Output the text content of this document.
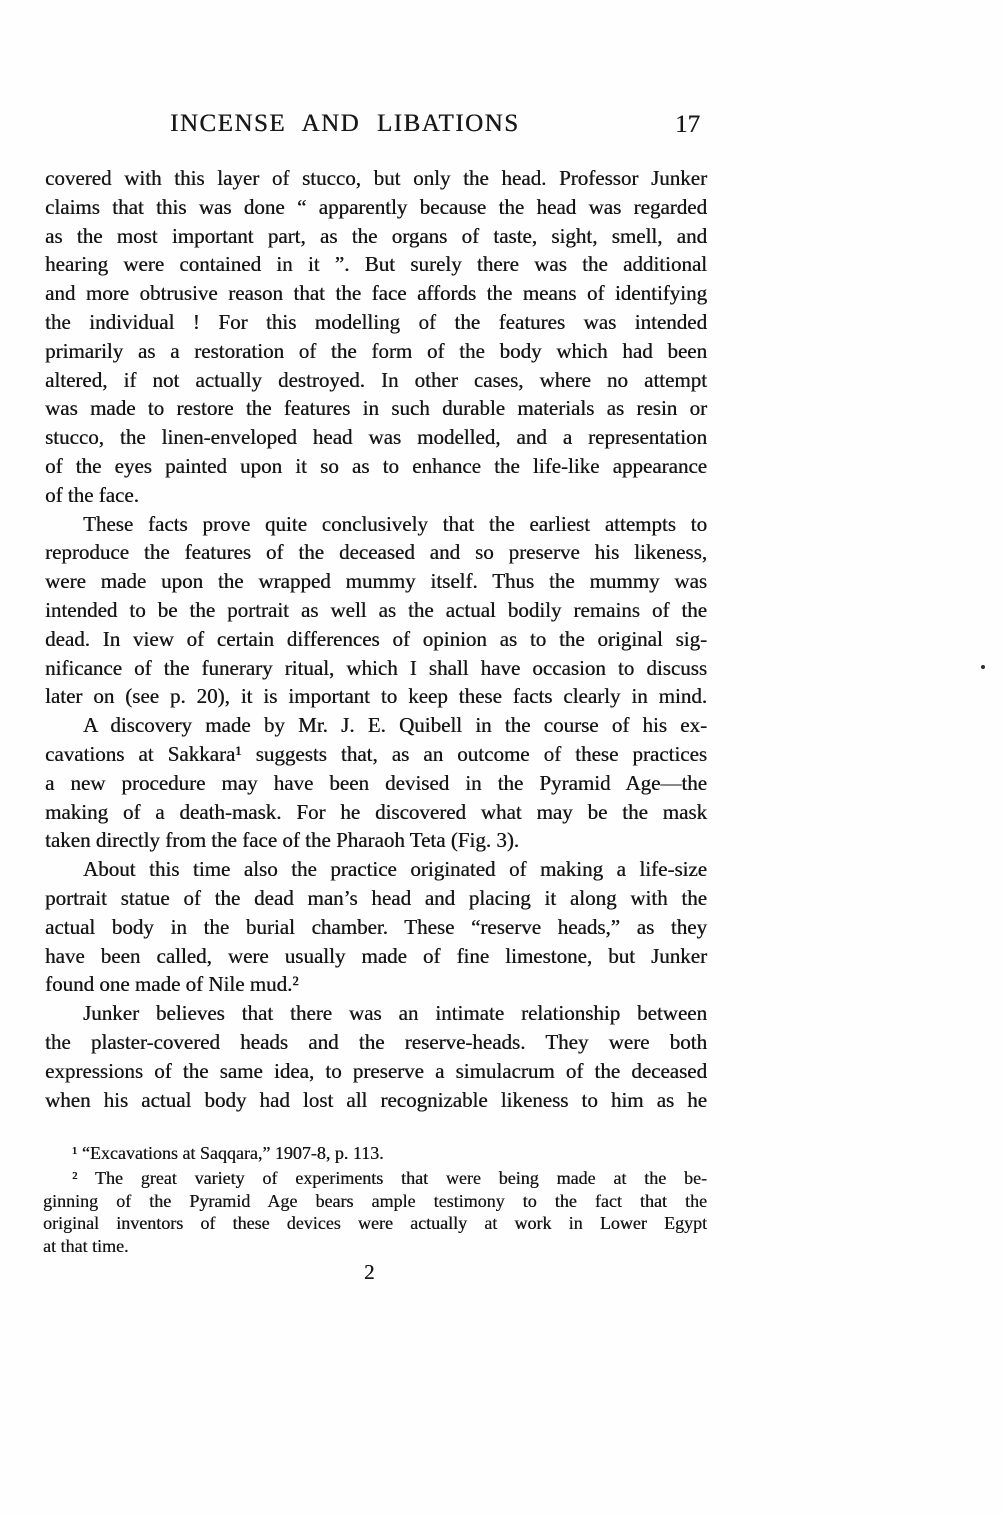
INCENSE AND LIBATIONS	17
covered with this layer of stucco, but only the head. Professor Junker
claims that this was done “ apparently because the head was regarded
as the most important part, as the organs of taste, sight, smell, and
hearing were contained in it ”. But surely there was the additional
and more obtrusive reason that the face affords the means of identifying
the individual ! For this modelling of the features was intended
primarily as a restoration of the form of the body which had been
altered, if not actually destroyed. In other cases, where no attempt
was made to restore the features in such durable materials as resin or
stucco, the linen-enveloped head was modelled, and a representation
of the eyes painted upon it so as to enhance the life-like appearance
of the face.
These facts prove quite conclusively that the earliest attempts to
reproduce the features of the deceased and so preserve his likeness,
were made upon the wrapped mummy itself. Thus the mummy was
intended to be the portrait as well as the actual bodily remains of the
dead. In view of certain differences of opinion as to the original sig-
nificance of the funerary ritual, which I shall have occasion to discuss
later on (see p. 20), it is important to keep these facts clearly in mind.
A discovery made by Mr. J. E. Quibell in the course of his ex-
cavations at Sakkara¹ suggests that, as an outcome of these practices
a new procedure may have been devised in the Pyramid Age—the
making of a death-mask. For he discovered what may be the mask
taken directly from the face of the Pharaoh Teta (Fig. 3).
About this time also the practice originated of making a life-size
portrait statue of the dead man’s head and placing it along with the
actual body in the burial chamber. These “reserve heads,” as they
have been called, were usually made of fine limestone, but Junker
found one made of Nile mud.²
Junker believes that there was an intimate relationship between
the plaster-covered heads and the reserve-heads. They were both
expressions of the same idea, to preserve a simulacrum of the deceased
when his actual body had lost all recognizable likeness to him as he
¹ “Excavations at Saqqara,” 1907-8, p. 113.
² The great variety of experiments that were being made at the be-
ginning of the Pyramid Age bears ample testimony to the fact that the
original inventors of these devices were actually at work in Lower Egypt
at that time.
2
